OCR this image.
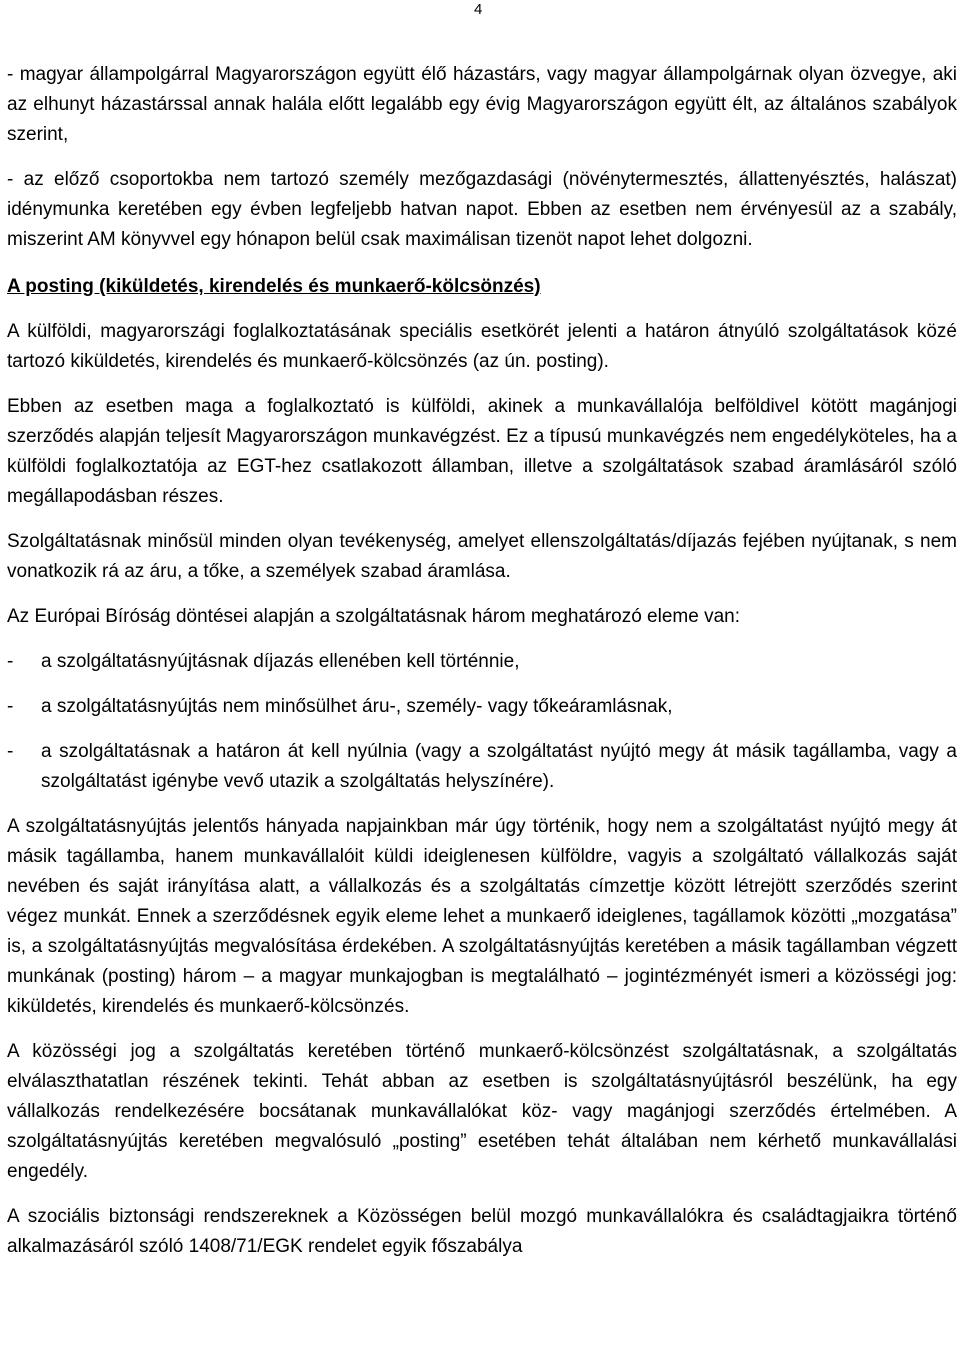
4

- magyar állampolgárral Magyarországon együtt élő házastárs, vagy magyar állampolgárnak olyan özvegye, aki az elhunyt házastárssal annak halála előtt legalább egy évig Magyarországon együtt élt, az általános szabályok szerint,

- az előző csoportokba nem tartozó személy mezőgazdasági (növénytermesztés, állattenyésztés, halászat) idénymunka keretében egy évben legfeljebb hatvan napot. Ebben az esetben nem érvényesül az a szabály, miszerint AM könyvvel egy hónapon belül csak maximálisan tizenöt napot lehet dolgozni.

A posting (kiküldetés, kirendelés és munkaerő-kölcsönzés)

A külföldi, magyarországi foglalkoztatásának speciális esetkörét jelenti a határon átnyúló szolgáltatások közé tartozó kiküldetés, kirendelés és munkaerő-kölcsönzés (az ún. posting).

Ebben az esetben maga a foglalkoztató is külföldi, akinek a munkavállalója belföldivel kötött magánjogi szerződés alapján teljesít Magyarországon munkavégzést. Ez a típusú munkavégzés nem engedélyköteles, ha a külföldi foglalkoztatója az EGT-hez csatlakozott államban, illetve a szolgáltatások szabad áramlásáról szóló megállapodásban részes.

Szolgáltatásnak minősül minden olyan tevékenység, amelyet ellenszolgáltatás/díjazás fejében nyújtanak, s nem vonatkozik rá az áru, a tőke, a személyek szabad áramlása.

Az Európai Bíróság döntései alapján a szolgáltatásnak három meghatározó eleme van:

-	a szolgáltatásnyújtásnak díjazás ellenében kell történnie,
-	a szolgáltatásnyújtás nem minősülhet áru-, személy- vagy tőkeáramlásnak,
-	a szolgáltatásnak a határon át kell nyúlnia (vagy a szolgáltatást nyújtó megy át másik tagállamba, vagy a szolgáltatást igénybe vevő utazik a szolgáltatás helyszínére).

A szolgáltatásnyújtás jelentős hányada napjainkban már úgy történik, hogy nem a szolgáltatást nyújtó megy át másik tagállamba, hanem munkavállalóit küldi ideiglenesen külföldre, vagyis a szolgáltató vállalkozás saját nevében és saját irányítása alatt, a vállalkozás és a szolgáltatás címzettje között létrejött szerződés szerint végez munkát. Ennek a szerződésnek egyik eleme lehet a munkaerő ideiglenes, tagállamok közötti „mozgatása” is, a szolgáltatásnyújtás megvalósítása érdekében. A szolgáltatásnyújtás keretében a másik tagállamban végzett munkának (posting) három – a magyar munkajogban is megtalálható – jogintézményét ismeri a közösségi jog: kiküldetés, kirendelés és munkaerő-kölcsönzés.

A közösségi jog a szolgáltatás keretében történő munkaerő-kölcsönzést szolgáltatásnak, a szolgáltatás elválaszthatatlan részének tekinti. Tehát abban az esetben is szolgáltatásnyújtásról beszélünk, ha egy vállalkozás rendelkezésére bocsátanak munkavállalókat köz- vagy magánjogi szerződés értelmében. A szolgáltatásnyújtás keretében megvalósuló „posting” esetében tehát általában nem kérhető munkavállalási engedély.

A szociális biztonsági rendszereknek a Közösségen belül mozgó munkavállalókra és családtagjaikra történő alkalmazásáról szóló 1408/71/EGK rendelet egyik főszabálya
